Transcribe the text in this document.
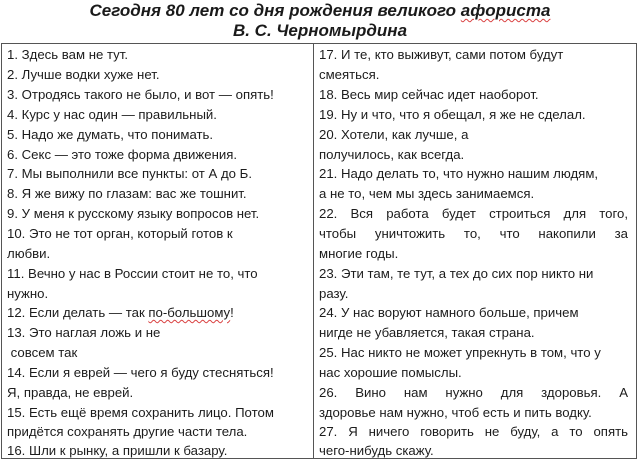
Сегодня 80 лет со дня рождения великого афориста
В. С. Черномырдина
1. Здесь вам не тут.
2. Лучше водки хуже нет.
3. Отродясь такого не было, и вот — опять!
4. Курс у нас один — правильный.
5. Надо же думать, что понимать.
6. Секс — это тоже форма движения.
7. Мы выполнили все пункты: от А до Б.
8. Я же вижу по глазам: вас же тошнит.
9. У меня к русскому языку вопросов нет.
10. Это не тот орган, который готов к
любви.
11. Вечно у нас в России стоит не то, что
нужно.
12. Если делать — так по-большому!
13. Это наглая ложь и не
совсем так
14. Если я еврей — чего я буду стесняться!
Я, правда, не еврей.
15. Есть ещё время сохранить лицо. Потом
придётся сохранять другие части тела.
16. Шли к рынку, а пришли к базару.
17. И те, кто выживут, сами потом будут
смеяться.
18. Весь мир сейчас идет наоборот.
19. Ну и что, что я обещал, я же не сделал.
20. Хотели, как лучше, а
получилось, как всегда.
21. Надо делать то, что нужно нашим людям,
а не то, чем мы здесь занимаемся.
22. Вся работа будет строиться для того,
чтобы уничтожить то, что накопили за
многие годы.
23. Эти там, те тут, а тех до сих пор никто ни
разу.
24. У нас воруют намного больше, причем
нигде не убавляется, такая страна.
25. Нас никто не может упрекнуть в том, что у
нас хорошие помыслы.
26. Вино нам нужно для здоровья. А
здоровье нам нужно, чтоб есть и пить водку.
27. Я ничего говорить не буду, а то опять
чего-нибудь скажу.
